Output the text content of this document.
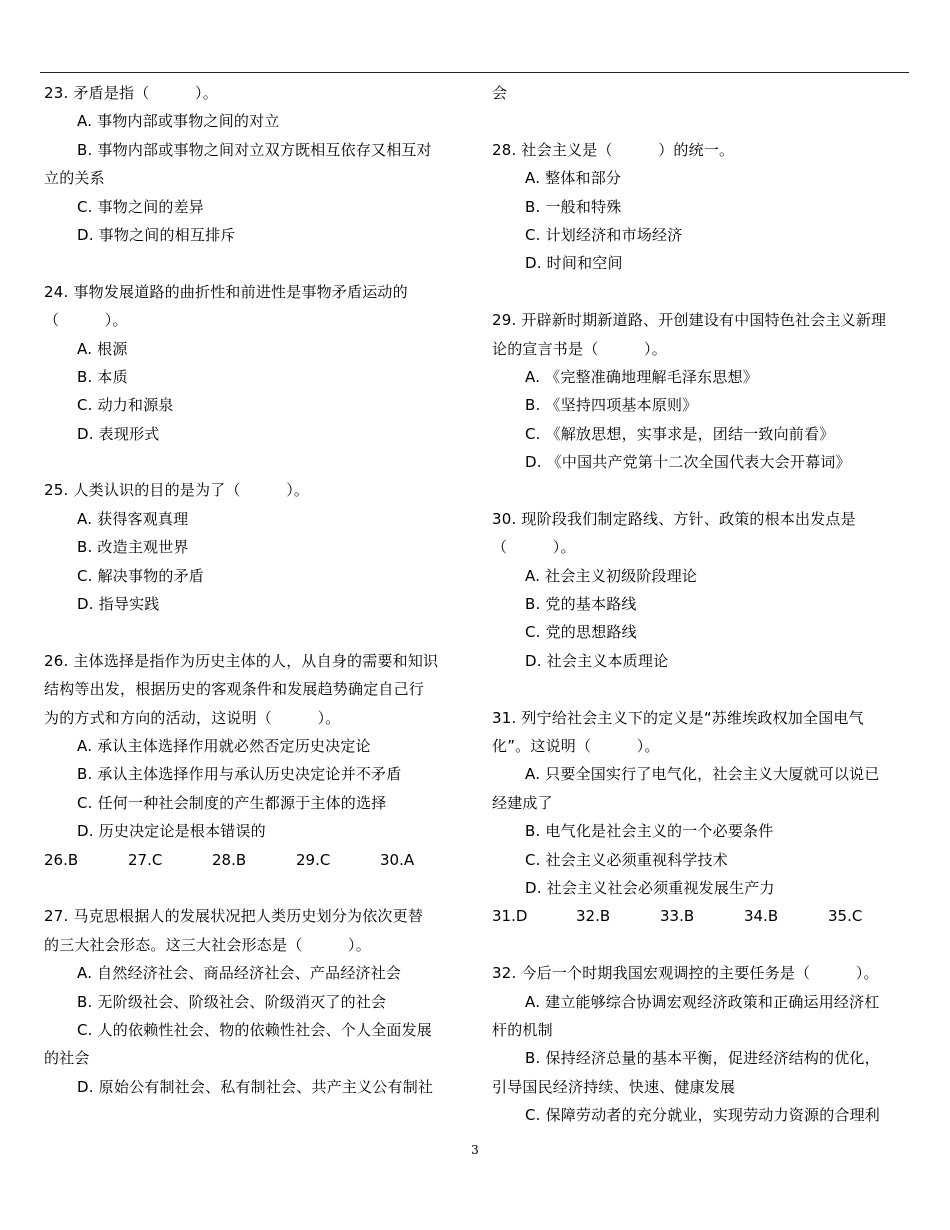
23. 矛盾是指（　　　）。
A. 事物内部或事物之间的对立
B. 事物内部或事物之间对立双方既相互依存又相互对
立的关系
C. 事物之间的差异
D. 事物之间的相互排斥
24. 事物发展道路的曲折性和前进性是事物矛盾运动的
（　　　）。
A. 根源
B. 本质
C. 动力和源泉
D. 表现形式
25. 人类认识的目的是为了（　　　）。
A. 获得客观真理
B. 改造主观世界
C. 解决事物的矛盾
D. 指导实践
26. 主体选择是指作为历史主体的人，从自身的需要和知识
结构等出发，根据历史的客观条件和发展趋势确定自己行
为的方式和方向的活动，这说明（　　　）。
A. 承认主体选择作用就必然否定历史决定论
B. 承认主体选择作用与承认历史决定论并不矛盾
C. 任何一种社会制度的产生都源于主体的选择
D. 历史决定论是根本错误的
26.B	27.C	28.B	29.C	30.A
27. 马克思根据人的发展状况把人类历史划分为依次更替
的三大社会形态。这三大社会形态是（　　　）。
A. 自然经济社会、商品经济社会、产品经济社会
B. 无阶级社会、阶级社会、阶级消灭了的社会
C. 人的依赖性社会、物的依赖性社会、个人全面发展
的社会
D. 原始公有制社会、私有制社会、共产主义公有制社
会
28. 社会主义是（　　　）的统一。
A. 整体和部分
B. 一般和特殊
C. 计划经济和市场经济
D. 时间和空间
29. 开辟新时期新道路、开创建设有中国特色社会主义新理
论的宣言书是（　　　）。
A. 《完整准确地理解毛泽东思想》
B. 《坚持四项基本原则》
C. 《解放思想，实事求是，团结一致向前看》
D. 《中国共产党第十二次全国代表大会开幕词》
30. 现阶段我们制定路线、方针、政策的根本出发点是
（　　　）。
A. 社会主义初级阶段理论
B. 党的基本路线
C. 党的思想路线
D. 社会主义本质理论
31. 列宁给社会主义下的定义是“苏维埃政权加全国电气
化”。这说明（　　　）。
A. 只要全国实行了电气化，社会主义大厦就可以说已
经建成了
B. 电气化是社会主义的一个必要条件
C. 社会主义必须重视科学技术
D. 社会主义社会必须重视发展生产力
31.D	32.B	33.B	34.B	35.C
32. 今后一个时期我国宏观调控的主要任务是（　　　）。
A. 建立能够综合协调宏观经济政策和正确运用经济杠
杆的机制
B. 保持经济总量的基本平衡，促进经济结构的优化，
引导国民经济持续、快速、健康发展
C. 保障劳动者的充分就业，实现劳动力资源的合理利
3
